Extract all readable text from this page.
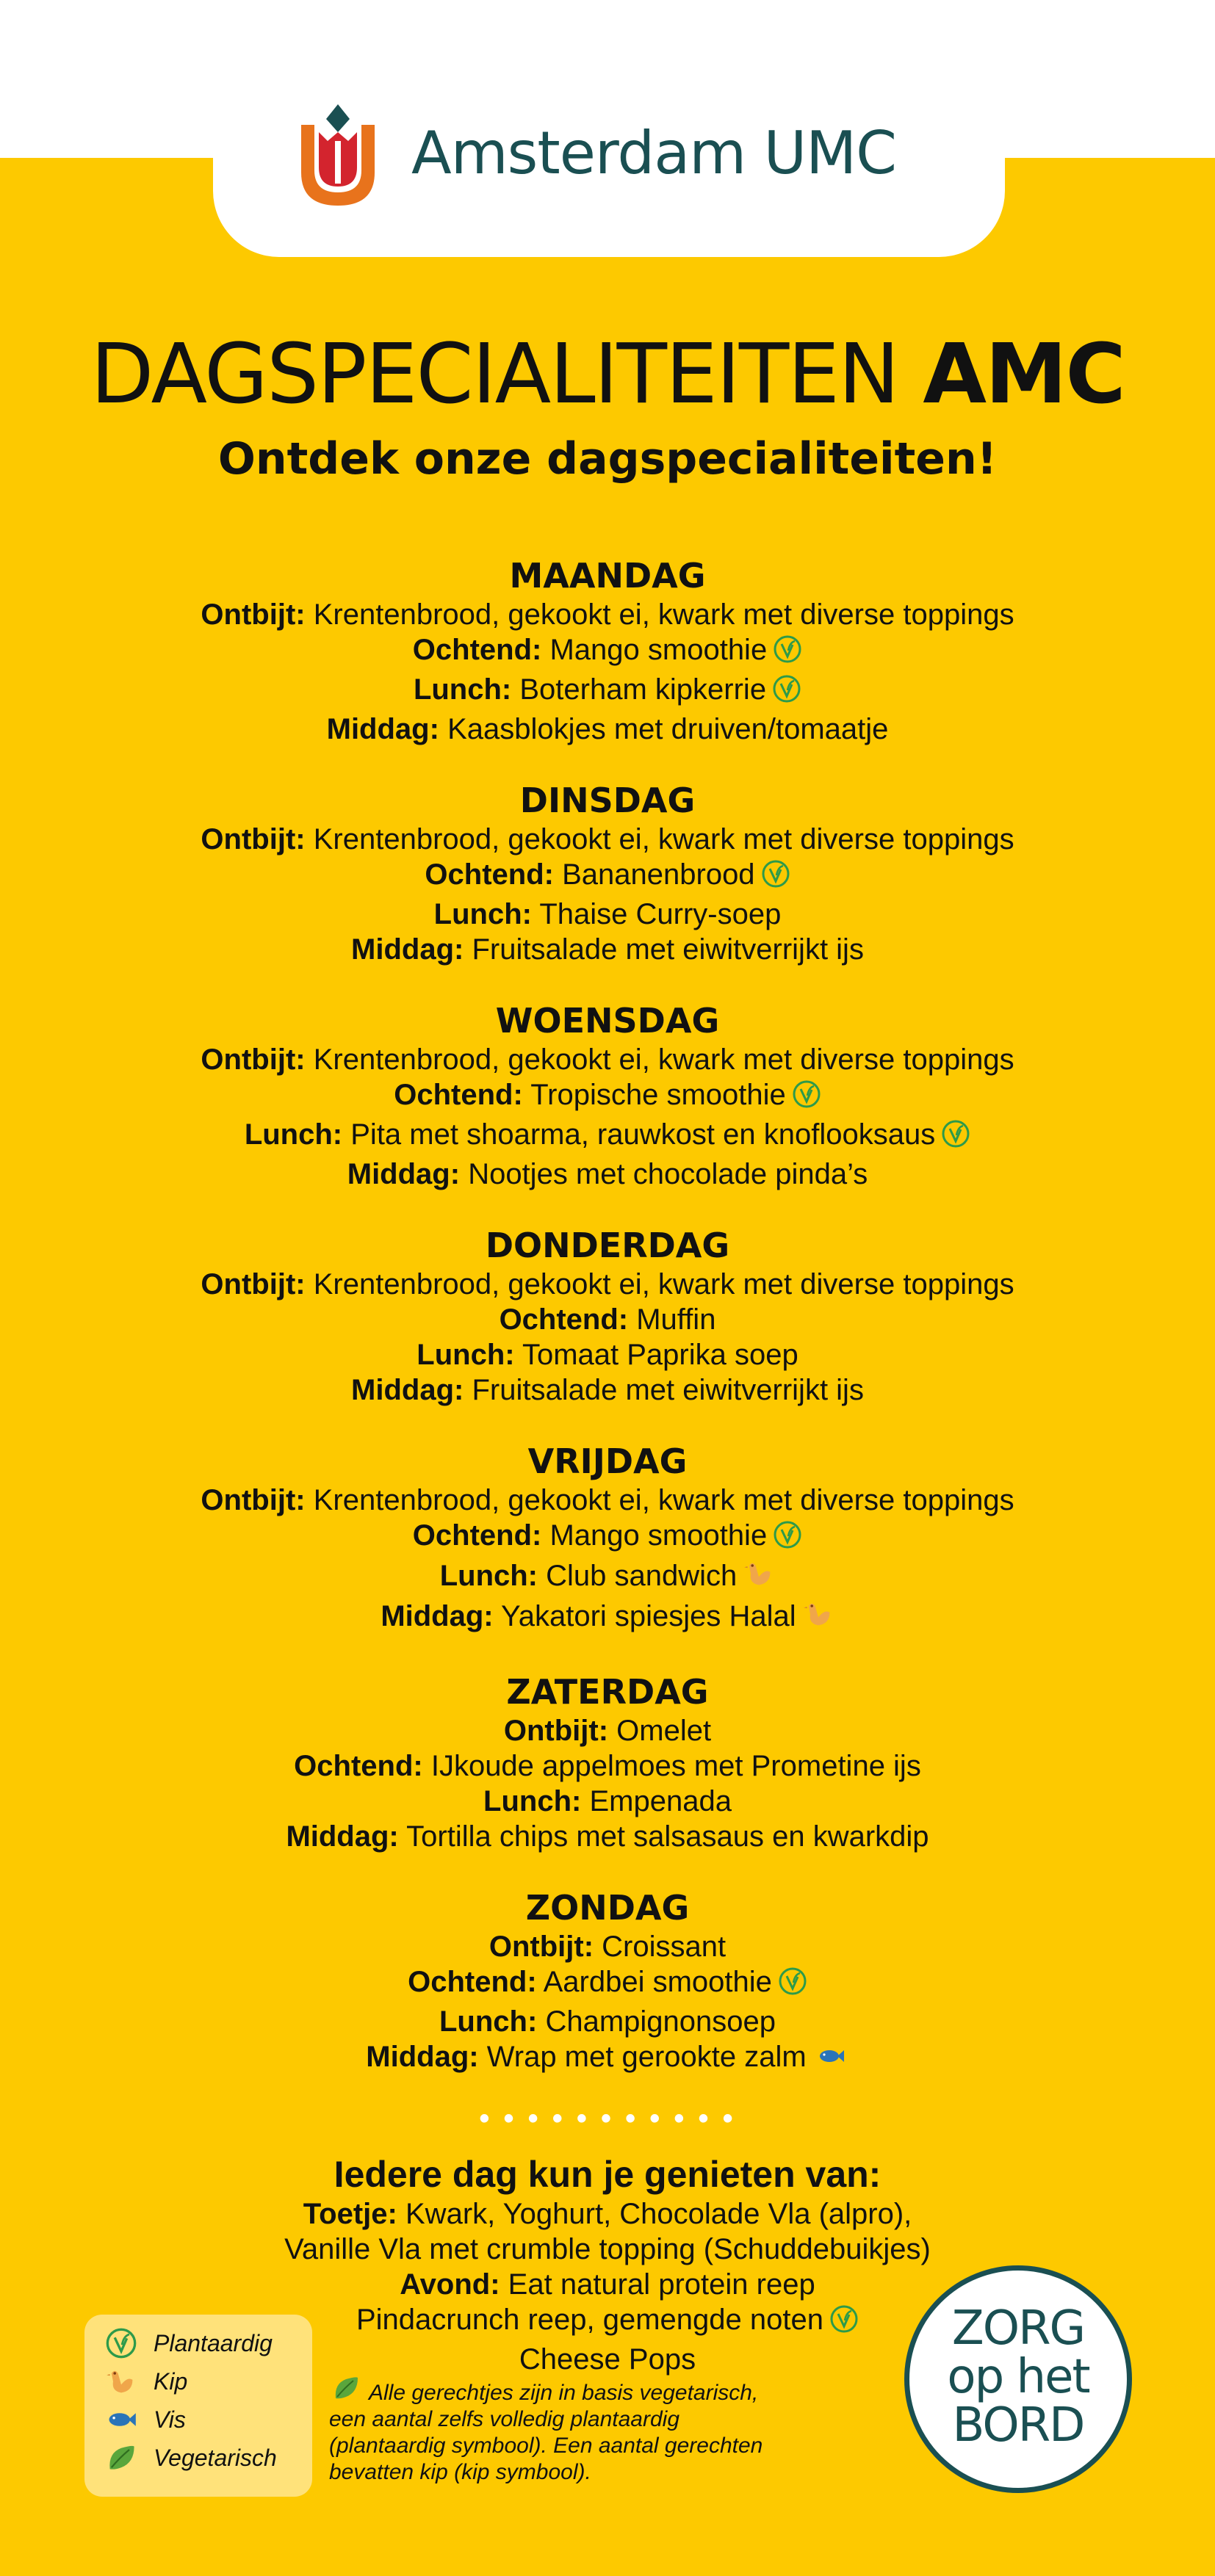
Amsterdam UMC
DAGSPECIALITEITEN AMC
Ontdek onze dagspecialiteiten!
MAANDAG
Ontbijt: Krentenbrood, gekookt ei, kwark met diverse toppings
Ochtend: Mango smoothie
Lunch: Boterham kipkerrie
Middag: Kaasblokjes met druiven/tomaatje
DINSDAG
Ontbijt: Krentenbrood, gekookt ei, kwark met diverse toppings
Ochtend: Bananenbrood
Lunch: Thaise Curry-soep
Middag: Fruitsalade met eiwitverrijkt ijs
WOENSDAG
Ontbijt: Krentenbrood, gekookt ei, kwark met diverse toppings
Ochtend: Tropische smoothie
Lunch: Pita met shoarma, rauwkost en knoflooksaus
Middag: Nootjes met chocolade pinda’s
DONDERDAG
Ontbijt: Krentenbrood, gekookt ei, kwark met diverse toppings
Ochtend: Muffin
Lunch: Tomaat Paprika soep
Middag: Fruitsalade met eiwitverrijkt ijs
VRIJDAG
Ontbijt: Krentenbrood, gekookt ei, kwark met diverse toppings
Ochtend: Mango smoothie
Lunch: Club sandwich
Middag: Yakatori spiesjes Halal
ZATERDAG
Ontbijt: Omelet
Ochtend: IJkoude appelmoes met Prometine ijs
Lunch: Empenada
Middag: Tortilla chips met salsasaus en kwarkdip
ZONDAG
Ontbijt: Croissant
Ochtend: Aardbei smoothie
Lunch: Champignonsoep
Middag: Wrap met gerookte zalm
• • • • • • • • • • •
Iedere dag kun je genieten van:
Toetje: Kwark, Yoghurt, Chocolade Vla (alpro),
Vanille Vla met crumble topping (Schuddebuikjes)
Avond: Eat natural protein reep
Pindacrunch reep, gemengde noten
Cheese Pops
Plantaardig
Kip
Vis
Vegetarisch
Alle gerechtjes zijn in basis vegetarisch,
een aantal zelfs volledig plantaardig
(plantaardig symbool). Een aantal gerechten
bevatten kip (kip symbool).
ZORG
op het
BORD
